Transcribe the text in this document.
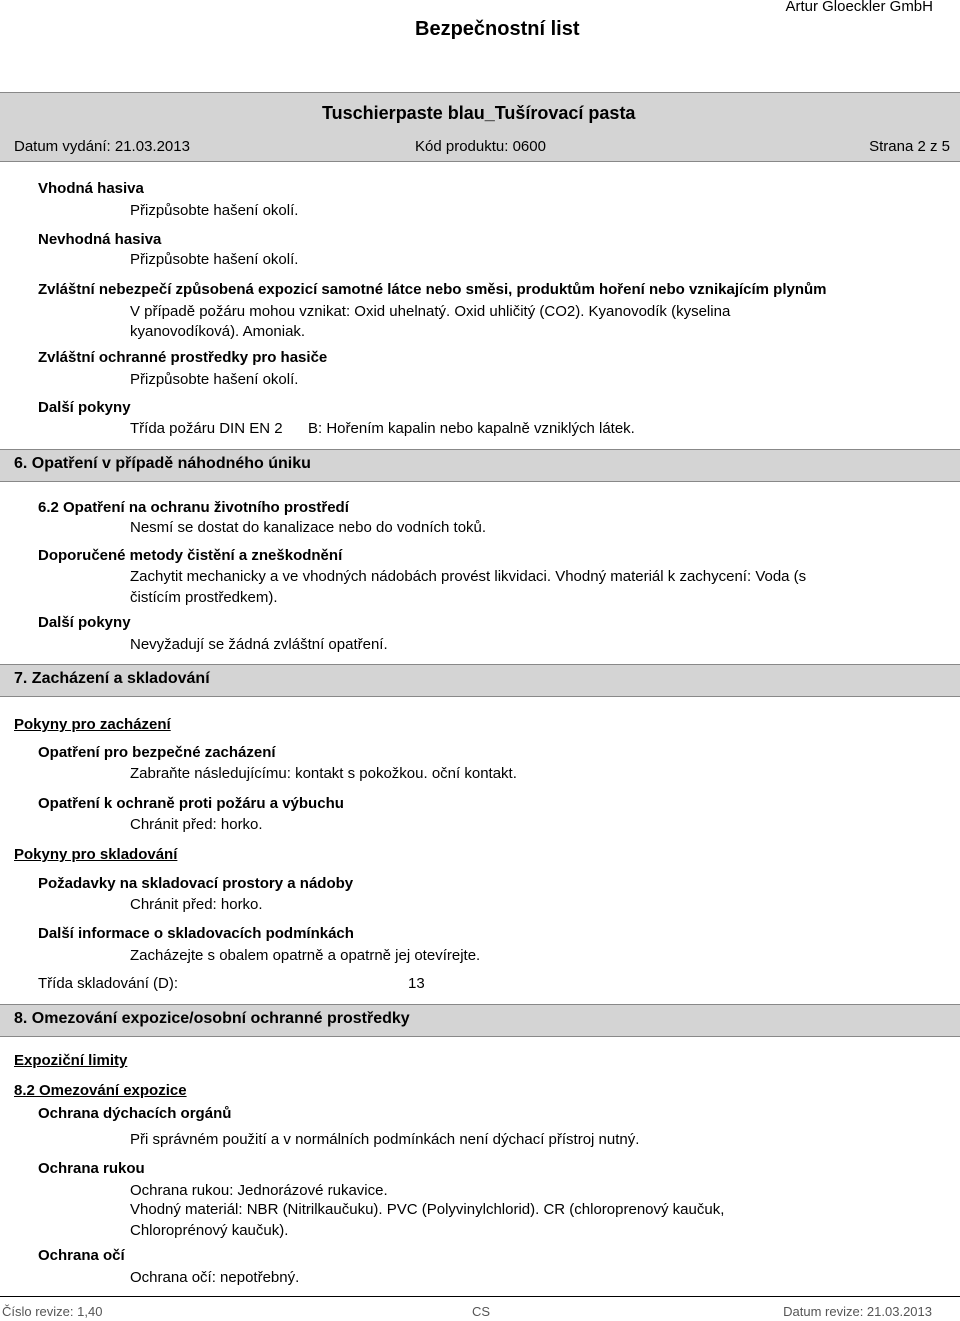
Bezpečnostní list
Artur Gloeckler GmbH
Tuschierpaste blau_Tušírovací pasta
Datum vydání: 21.03.2013	Kód produktu: 0600	Strana 2 z 5
Vhodná hasiva
Přizpůsobte hašení okolí.
Nevhodná hasiva
Přizpůsobte hašení okolí.
Zvláštní nebezpečí způsobená expozicí samotné látce nebo směsi, produktům hoření nebo vznikajícím plynům
V případě požáru mohou vznikat: Oxid uhelnatý. Oxid uhličitý (CO2). Kyanovodík (kyselina
kyanovodíková). Amoniak.
Zvláštní ochranné prostředky pro hasiče
Přizpůsobte hašení okolí.
Další pokyny
Třída požáru DIN EN 2 B: Hořením kapalin nebo kapalně vzniklých látek.
6. Opatření v případě náhodného úniku
6.2 Opatření na ochranu životního prostředí
Nesmí se dostat do kanalizace nebo do vodních toků.
Doporučené metody čistění a zneškodnění
Zachytit mechanicky a ve vhodných nádobách provést likvidaci. Vhodný materiál k zachycení: Voda (s
čistícím prostředkem).
Další pokyny
Nevyžadují se žádná zvláštní opatření.
7. Zacházení a skladování
Pokyny pro zacházení
Opatření pro bezpečné zacházení
Zabraňte následujícímu: kontakt s pokožkou. oční kontakt.
Opatření k ochraně proti požáru a výbuchu
Chránit před: horko.
Pokyny pro skladování
Požadavky na skladovací prostory a nádoby
Chránit před: horko.
Další informace o skladovacích podmínkách
Zacházejte s obalem opatrně a opatrně jej otevírejte.
Třída skladování (D):	13
8. Omezování expozice/osobní ochranné prostředky
Expoziční limity
8.2 Omezování expozice
Ochrana dýchacích orgánů
Při správném použití a v normálních podmínkách není dýchací přístroj nutný.
Ochrana rukou
Ochrana rukou: Jednorázové rukavice.
Vhodný materiál: NBR (Nitrilkaučuku). PVC (Polyvinylchlorid). CR (chloroprenový kaučuk,
Chloroprénový kaučuk).
Ochrana očí
Ochrana očí: nepotřebný.
Číslo revize: 1,40	CS	Datum revize: 21.03.2013
